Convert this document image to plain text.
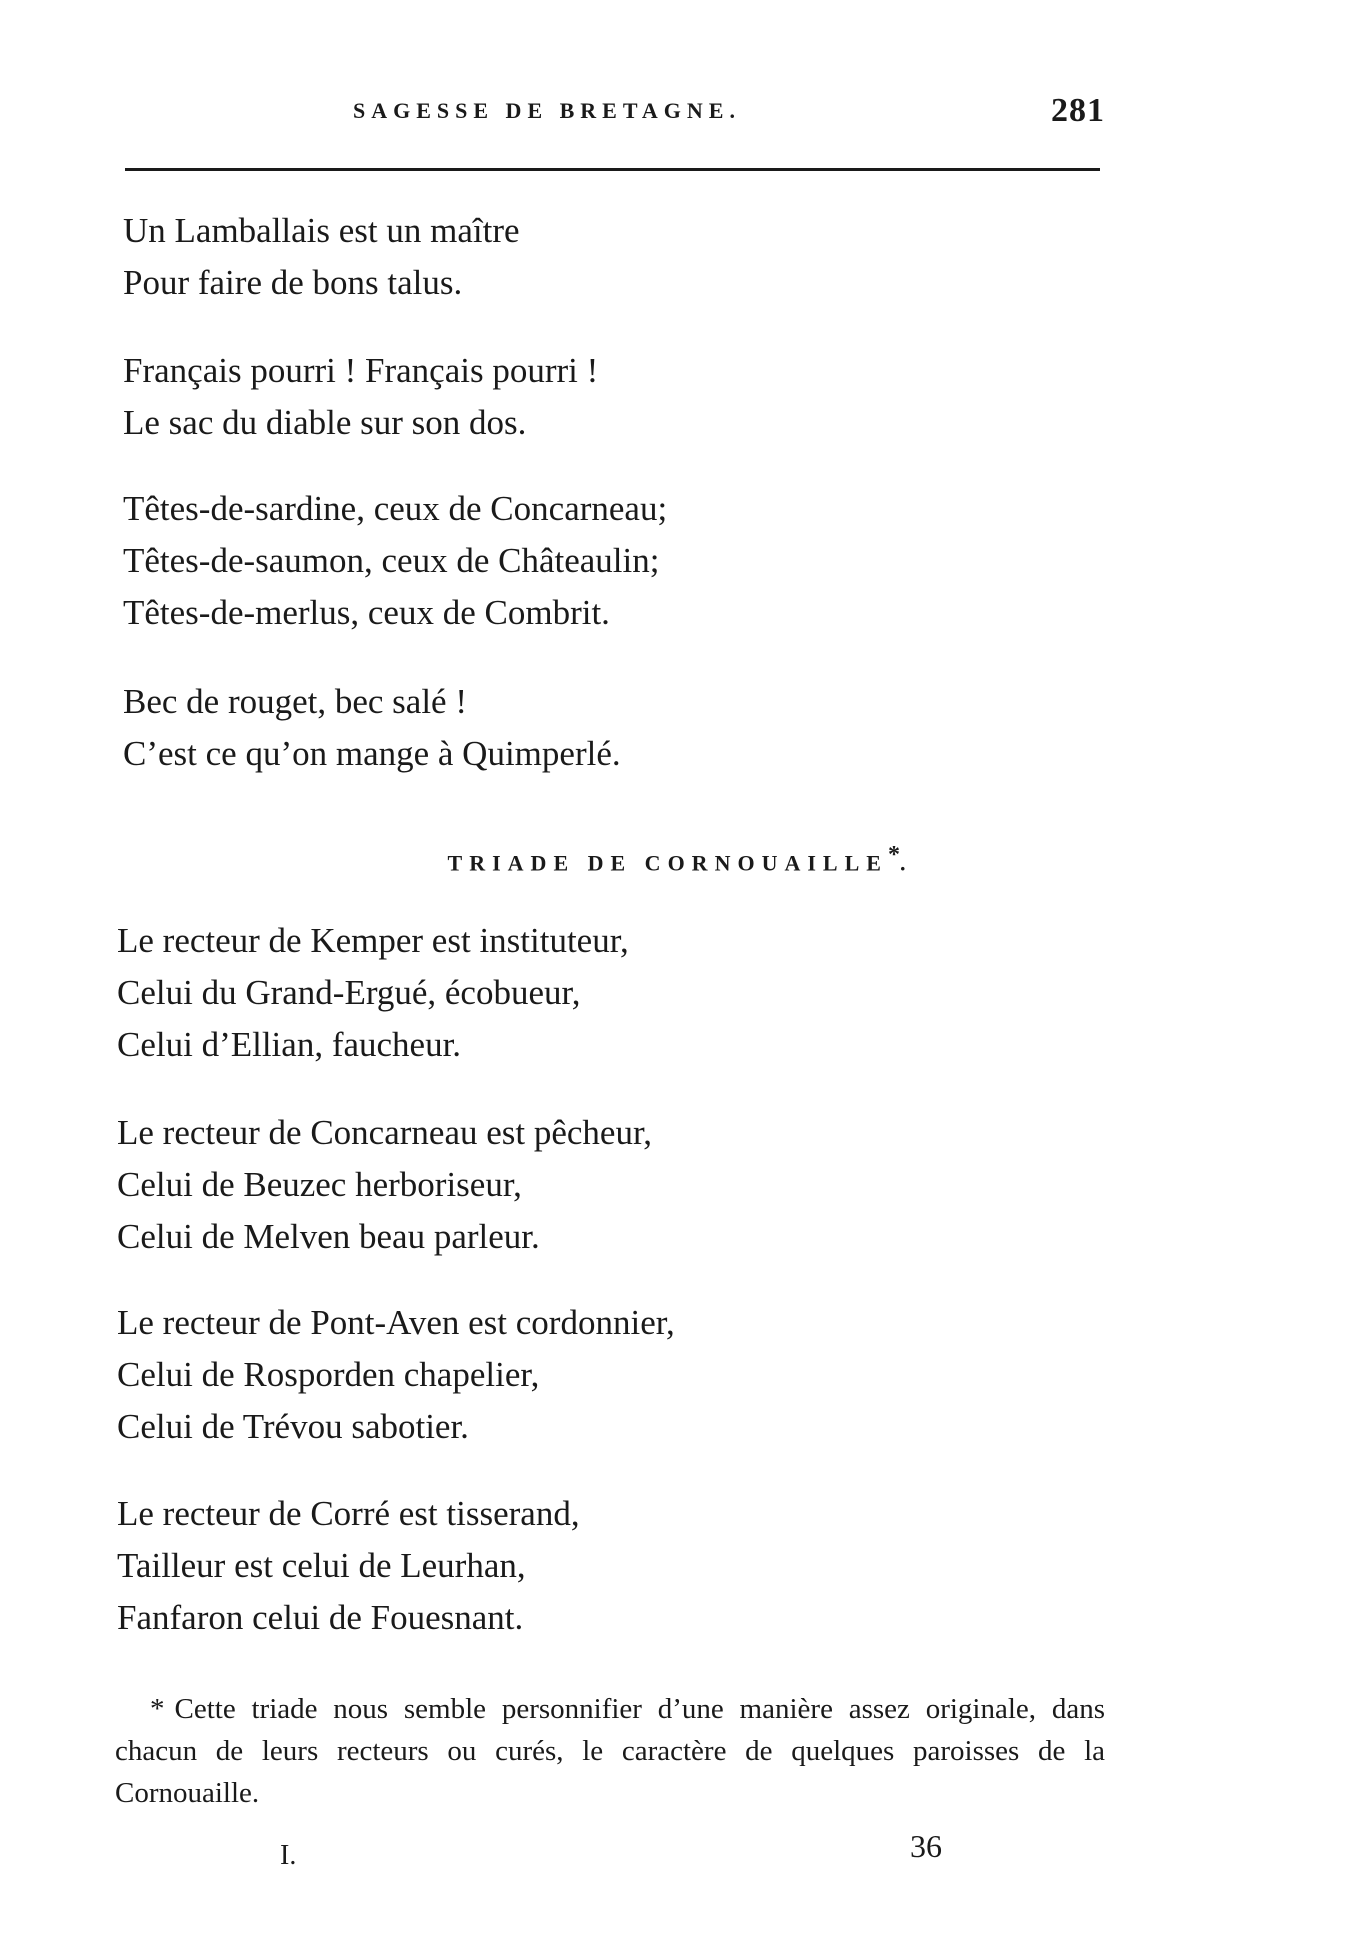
SAGESSE DE BRETAGNE.	281
Un Lamballais est un maître
Pour faire de bons talus.
Français pourri ! Français pourri !
Le sac du diable sur son dos.
Têtes-de-sardine, ceux de Concarneau;
Têtes-de-saumon, ceux de Châteaulin;
Têtes-de-merlus, ceux de Combrit.
Bec de rouget, bec salé !
C’est ce qu’on mange à Quimperlé.
TRIADE DE CORNOUAILLE*.
Le recteur de Kemper est instituteur,
Celui du Grand-Ergué, écobueur,
Celui d’Ellian, faucheur.
Le recteur de Concarneau est pêcheur,
Celui de Beuzec herboriseur,
Celui de Melven beau parleur.
Le recteur de Pont-Aven est cordonnier,
Celui de Rosporden chapelier,
Celui de Trévou sabotier.
Le recteur de Corré est tisserand,
Tailleur est celui de Leurhan,
Fanfaron celui de Fouesnant.
* Cette triade nous semble personnifier d’une manière assez originale, dans chacun de leurs recteurs ou curés, le caractère de quelques paroisses de la Cornouaille.
I.	36
